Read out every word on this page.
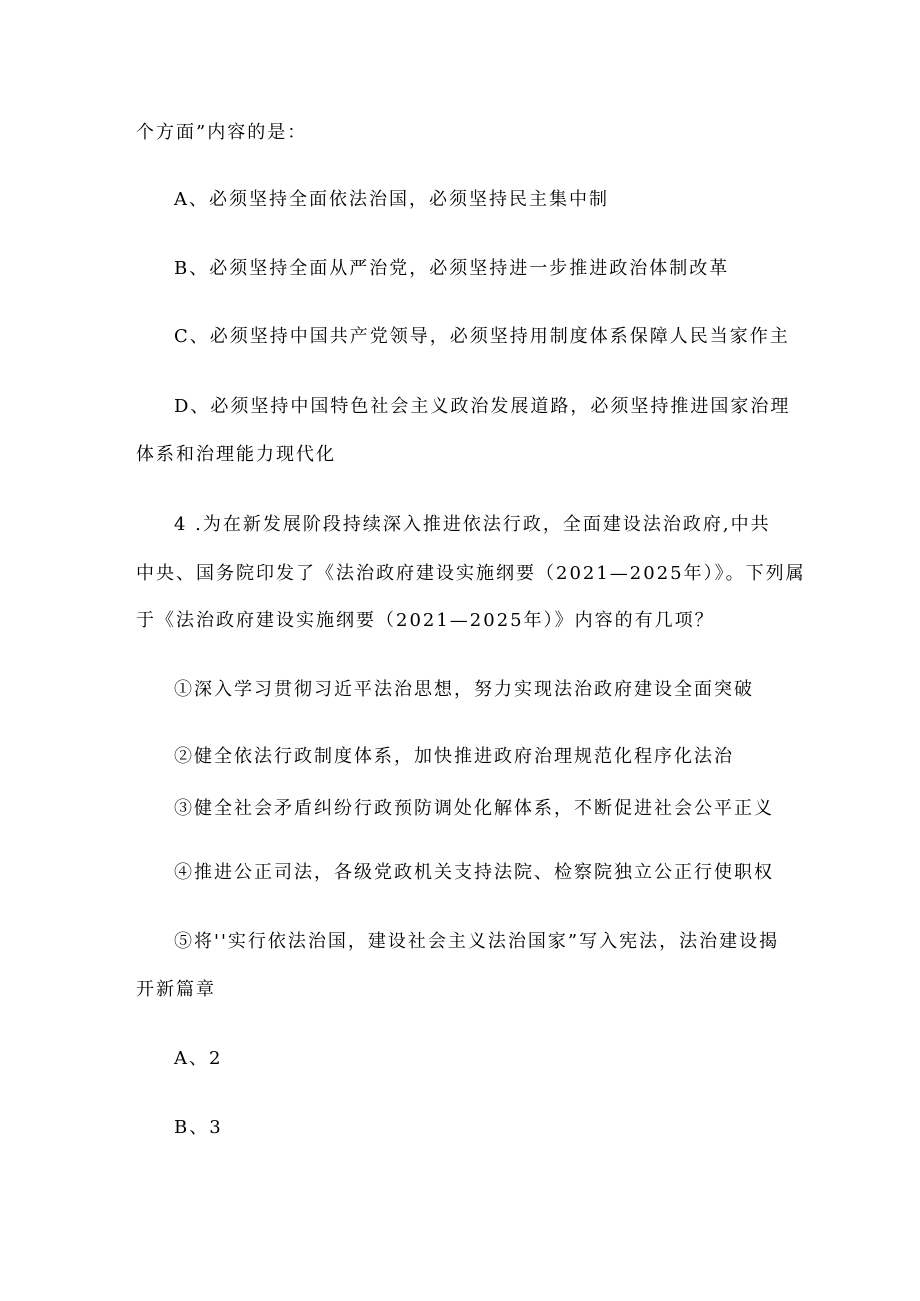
个方面”内容的是：
A、必须坚持全面依法治国，必须坚持民主集中制
B、必须坚持全面从严治党，必须坚持进一步推进政治体制改革
C、必须坚持中国共产党领导，必须坚持用制度体系保障人民当家作主
D、必须坚持中国特色社会主义政治发展道路，必须坚持推进国家治理
体系和治理能力现代化
4 .为在新发展阶段持续深入推进依法行政，全面建设法治政府,中共
中央、国务院印发了《法治政府建设实施纲要（2021—2025年）》。下列属
于《法治政府建设实施纲要（2021—2025年）》内容的有几项？
①深入学习贯彻习近平法治思想，努力实现法治政府建设全面突破
②健全依法行政制度体系，加快推进政府治理规范化程序化法治
③健全社会矛盾纠纷行政预防调处化解体系，不断促进社会公平正义
④推进公正司法，各级党政机关支持法院、检察院独立公正行使职权
⑤将''实行依法治国，建设社会主义法治国家”写入宪法，法治建设揭
开新篇章
A、2
B、3
